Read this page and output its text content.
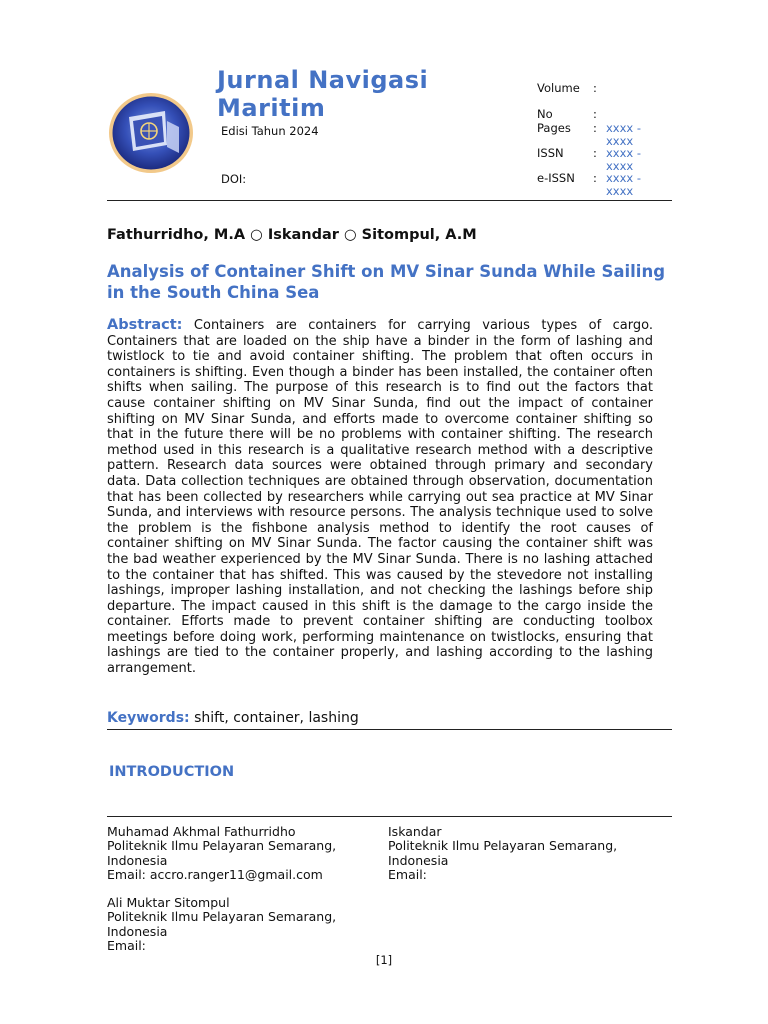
Jurnal Navigasi Maritim
Edisi Tahun 2024
DOI:
Volume	:
No	:
Pages	: xxxx - xxxx
ISSN	: xxxx - xxxx
e-ISSN	: xxxx - xxxx
Fathurridho, M.A ○ Iskandar ○ Sitompul, A.M
Analysis of Container Shift on MV Sinar Sunda While Sailing in the South China Sea
Abstract: Containers are containers for carrying various types of cargo. Containers that are loaded on the ship have a binder in the form of lashing and twistlock to tie and avoid container shifting. The problem that often occurs in containers is shifting. Even though a binder has been installed, the container often shifts when sailing. The purpose of this research is to find out the factors that cause container shifting on MV Sinar Sunda, find out the impact of container shifting on MV Sinar Sunda, and efforts made to overcome container shifting so that in the future there will be no problems with container shifting. The research method used in this research is a qualitative research method with a descriptive pattern. Research data sources were obtained through primary and secondary data. Data collection techniques are obtained through observation, documentation that has been collected by researchers while carrying out sea practice at MV Sinar Sunda, and interviews with resource persons. The analysis technique used to solve the problem is the fishbone analysis method to identify the root causes of container shifting on MV Sinar Sunda. The factor causing the container shift was the bad weather experienced by the MV Sinar Sunda. There is no lashing attached to the container that has shifted. This was caused by the stevedore not installing lashings, improper lashing installation, and not checking the lashings before ship departure. The impact caused in this shift is the damage to the cargo inside the container. Efforts made to prevent container shifting are conducting toolbox meetings before doing work, performing maintenance on twistlocks, ensuring that lashings are tied to the container properly, and lashing according to the lashing arrangement.
Keywords: shift, container, lashing
INTRODUCTION
Muhamad Akhmal Fathurridho
Politeknik Ilmu Pelayaran Semarang, Indonesia
Email: accro.ranger11@gmail.com
Iskandar
Politeknik Ilmu Pelayaran Semarang, Indonesia
Email:
Ali Muktar Sitompul
Politeknik Ilmu Pelayaran Semarang, Indonesia
Email:
[1]
